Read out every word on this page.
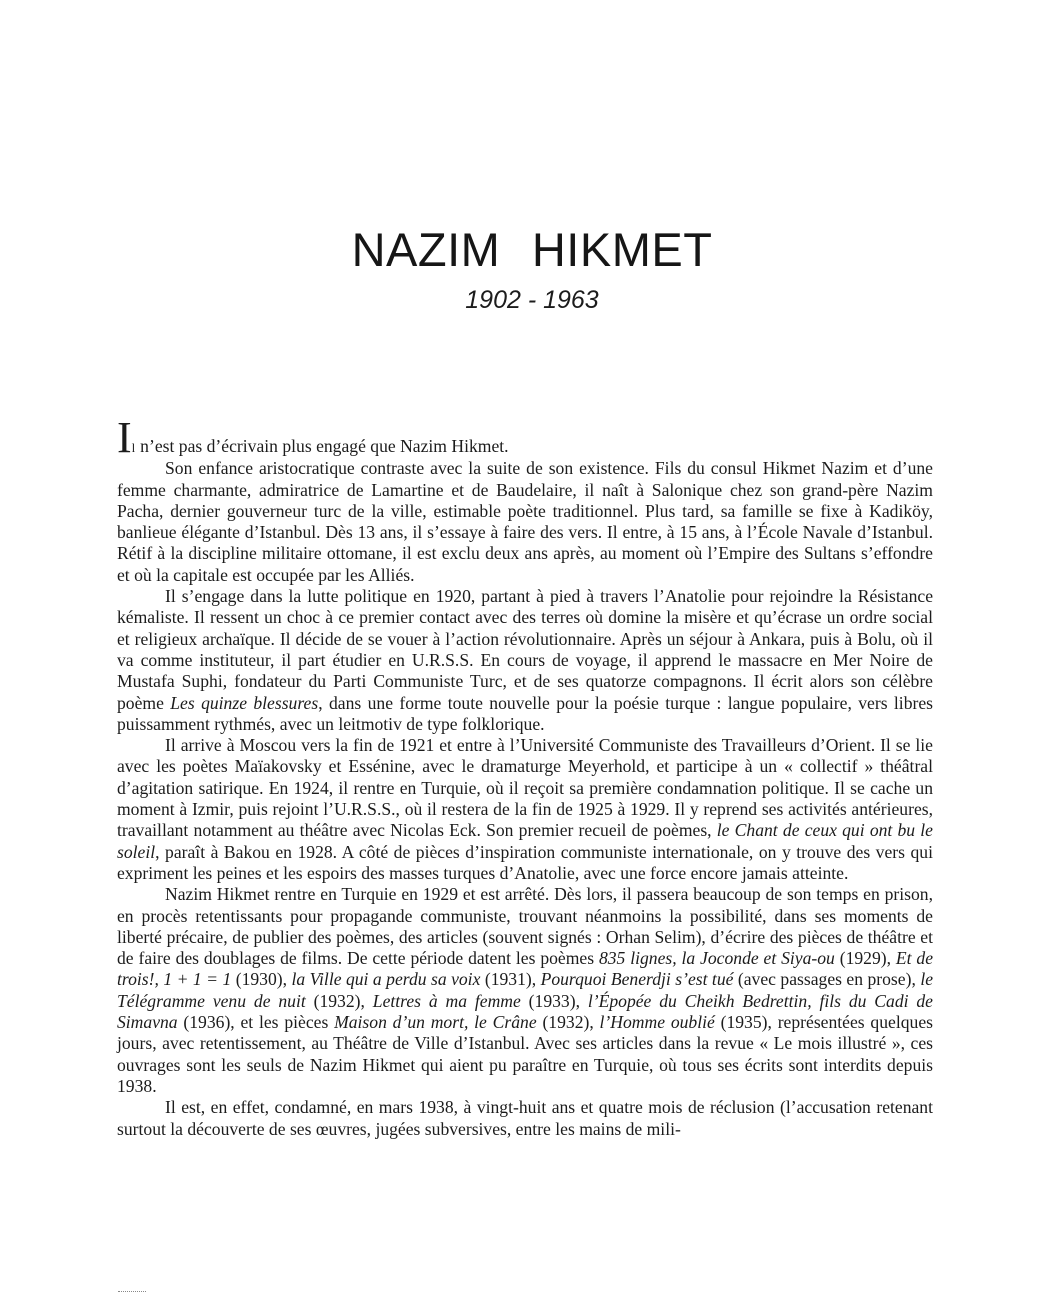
NAZIM HIKMET
1902 - 1963

Il n’est pas d’écrivain plus engagé que Nazim Hikmet.

Son enfance aristocratique contraste avec la suite de son existence. Fils du consul Hikmet Nazim et d’une femme charmante, admiratrice de Lamartine et de Baudelaire, il naît à Salonique chez son grand-père Nazim Pacha, dernier gouverneur turc de la ville, estimable poète traditionnel. Plus tard, sa famille se fixe à Kadiköy, banlieue élégante d’Istanbul. Dès 13 ans, il s’essaye à faire des vers. Il entre, à 15 ans, à l’École Navale d’Istanbul. Rétif à la discipline militaire ottomane, il est exclu deux ans après, au moment où l’Empire des Sultans s’effondre et où la capitale est occupée par les Alliés.

Il s’engage dans la lutte politique en 1920, partant à pied à travers l’Anatolie pour rejoindre la Résistance kémaliste. Il ressent un choc à ce premier contact avec des terres où domine la misère et qu’écrase un ordre social et religieux archaïque. Il décide de se vouer à l’action révolutionnaire. Après un séjour à Ankara, puis à Bolu, où il va comme instituteur, il part étudier en U.R.S.S. En cours de voyage, il apprend le massacre en Mer Noire de Mustafa Suphi, fondateur du Parti Communiste Turc, et de ses quatorze compagnons. Il écrit alors son célèbre poème Les quinze blessures, dans une forme toute nouvelle pour la poésie turque : langue populaire, vers libres puissamment rythmés, avec un leitmotiv de type folklorique.

Il arrive à Moscou vers la fin de 1921 et entre à l’Université Communiste des Travailleurs d’Orient. Il se lie avec les poètes Maïakovsky et Essénine, avec le dramaturge Meyerhold, et participe à un « collectif » théâtral d’agitation satirique. En 1924, il rentre en Turquie, où il reçoit sa première condamnation politique. Il se cache un moment à Izmir, puis rejoint l’U.R.S.S., où il restera de la fin de 1925 à 1929. Il y reprend ses activités antérieures, travaillant notamment au théâtre avec Nicolas Eck. Son premier recueil de poèmes, le Chant de ceux qui ont bu le soleil, paraît à Bakou en 1928. A côté de pièces d’inspiration communiste internationale, on y trouve des vers qui expriment les peines et les espoirs des masses turques d’Anatolie, avec une force encore jamais atteinte.

Nazim Hikmet rentre en Turquie en 1929 et est arrêté. Dès lors, il passera beaucoup de son temps en prison, en procès retentissants pour propagande communiste, trouvant néanmoins la possibilité, dans ses moments de liberté précaire, de publier des poèmes, des articles (souvent signés : Orhan Selim), d’écrire des pièces de théâtre et de faire des doublages de films. De cette période datent les poèmes 835 lignes, la Joconde et Siya-ou (1929), Et de trois!, 1 + 1 = 1 (1930), la Ville qui a perdu sa voix (1931), Pourquoi Benerdji s’est tué (avec passages en prose), le Télégramme venu de nuit (1932), Lettres à ma femme (1933), l’Épopée du Cheikh Bedrettin, fils du Cadi de Simavna (1936), et les pièces Maison d’un mort, le Crâne (1932), l’Homme oublié (1935), représentées quelques jours, avec retentissement, au Théâtre de Ville d’Istanbul. Avec ses articles dans la revue « Le mois illustré », ces ouvrages sont les seuls de Nazim Hikmet qui aient pu paraître en Turquie, où tous ses écrits sont interdits depuis 1938.

Il est, en effet, condamné, en mars 1938, à vingt-huit ans et quatre mois de réclusion (l’accusation retenant surtout la découverte de ses œuvres, jugées subversives, entre les mains de mili-
